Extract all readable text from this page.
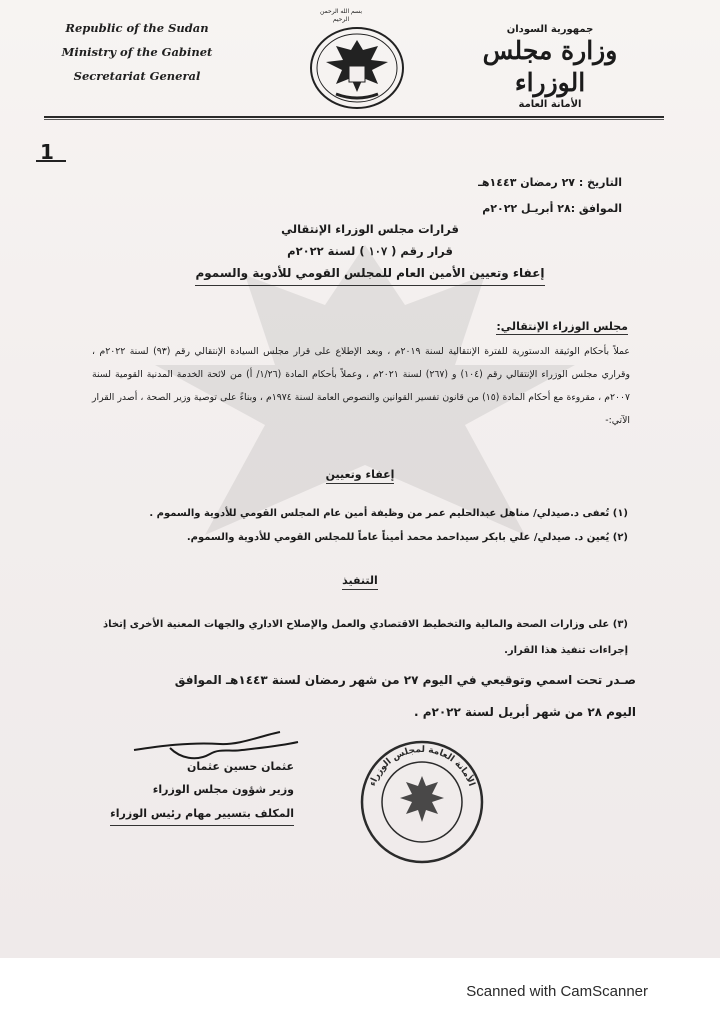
Republic of the Sudan
Ministry of the Gabinet
Secretariat General
بسم الله الرحمن الرحيم
جمهورية السودان
وزارة مجلس الوزراء
الأمانة العامة
1
التاريخ : ٢٧ رمضان ١٤٤٣هـ
الموافق :٢٨ أبريـل ٢٠٢٢م
قرارات مجلس الوزراء الإنتقالي
قرار رقم ( ١٠٧ ) لسنة ٢٠٢٢م
إعفاء وتعيين الأمين العام للمجلس القومي للأدوية والسموم
مجلس الوزراء الإنتقالي:
عملاً بأحكام الوثيقة الدستورية للفترة الإنتقالية لسنة ٢٠١٩م ، وبعد الإطلاع على قرار مجلس السيادة الإنتقالي رقم (٩٣) لسنة ٢٠٢٢م ، وقراري مجلس الوزراء الإنتقالي رقم (١٠٤) و (٢٦٧) لسنة ٢٠٢١م ، وعملاً بأحكام المادة (١/٢٦/ أ) من لائحة الخدمة المدنية القومية لسنة ٢٠٠٧م ، مقروءة مع أحكام المادة (١٥) من قانون تفسير القوانين والنصوص العامة لسنة ١٩٧٤م ، وبناءً على توصية وزير الصحة ، أصدر القرار الآتي:-
إعفاء وتعيين
(١) تُعفى د.صيدلي/ مناهل عبدالحليم عمر من وظيفة أمين عام المجلس القومي للأدوية والسموم .
(٢) يُعين د. صيدلي/ علي بابكر سيداحمد محمد أميناً عاماً للمجلس القومي للأدوية والسموم.
التنفيذ
(٣) على وزارات الصحة والمالية والتخطيط الاقتصادي والعمل والإصلاح الاداري والجهات المعنية الأخرى إتخاذ إجراءات تنفيذ هذا القرار.
صـدر تحت اسمي وتوقيعي في اليوم ٢٧ من شهر رمضان لسنة ١٤٤٣هـ الموافق
اليوم ٢٨ من شهر أبريل لسنة ٢٠٢٢م .
عثمان حسين عثمان
وزير شؤون مجلس الوزراء
المكلف بتسيير مهام رئيس الوزراء
الأمانة العامة لمجلس الوزراء
Scanned with CamScanner
